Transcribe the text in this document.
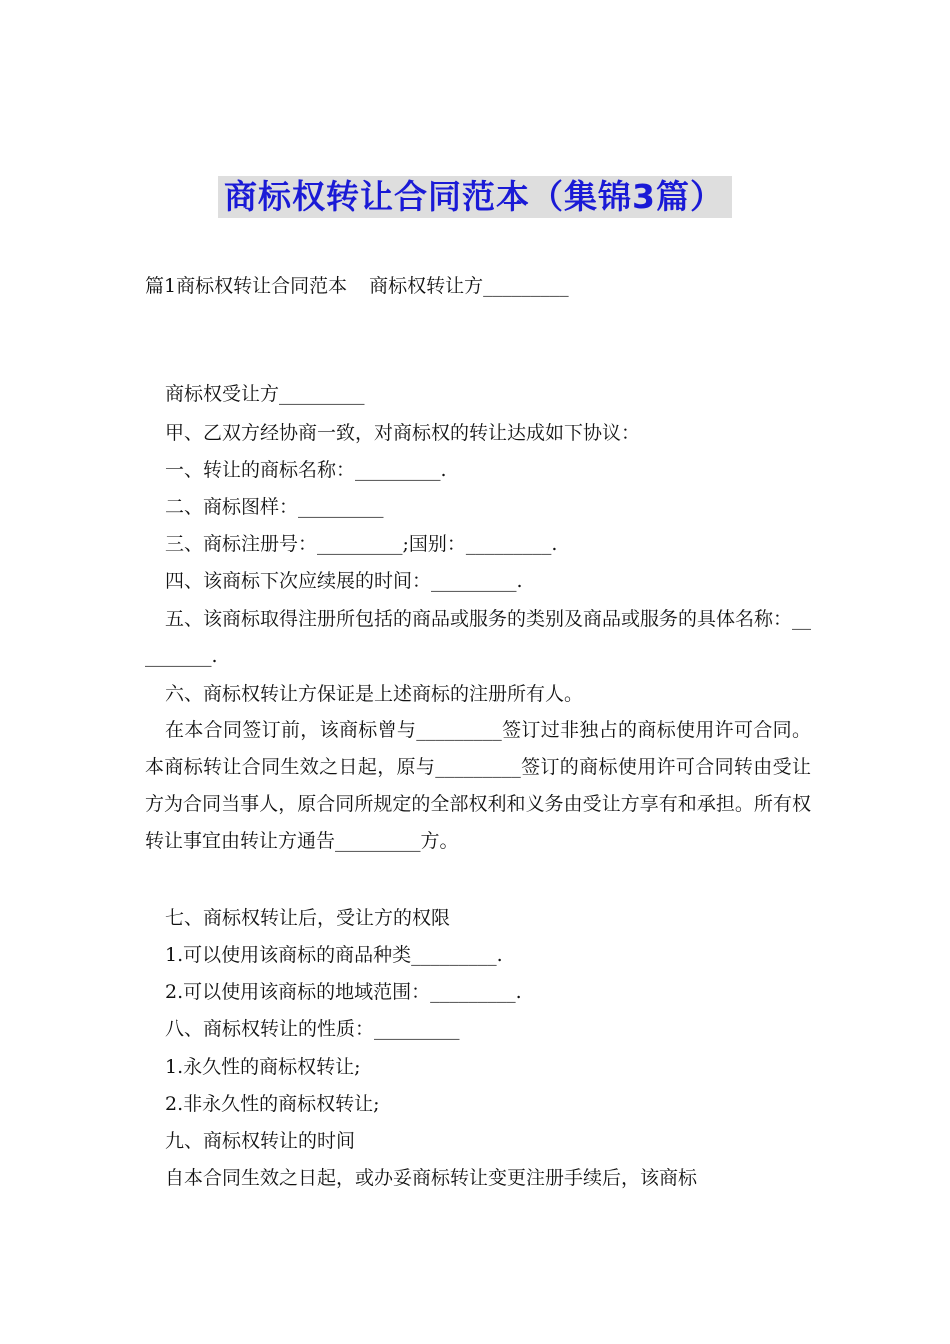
商标权转让合同范本（集锦3篇）
篇1商标权转让合同范本 商标权转让方_________
商标权受让方_________
甲、乙双方经协商一致，对商标权的转让达成如下协议：
一、转让的商标名称：_________.
二、商标图样：_________
三、商标注册号：_________;国别：_________.
四、该商标下次应续展的时间：_________.
五、该商标取得注册所包括的商品或服务的类别及商品或服务的具体名称：_________.
六、商标权转让方保证是上述商标的注册所有人。
在本合同签订前，该商标曾与_________签订过非独占的商标使用许可合同。本商标转让合同生效之日起，原与_________签订的商标使用许可合同转由受让方为合同当事人，原合同所规定的全部权利和义务由受让方享有和承担。所有权转让事宜由转让方通告_________方。
七、商标权转让后，受让方的权限
1.可以使用该商标的商品种类_________.
2.可以使用该商标的地域范围：_________.
八、商标权转让的性质：_________
1.永久性的商标权转让;
2.非永久性的商标权转让;
九、商标权转让的时间
自本合同生效之日起，或办妥商标转让变更注册手续后，该商标
